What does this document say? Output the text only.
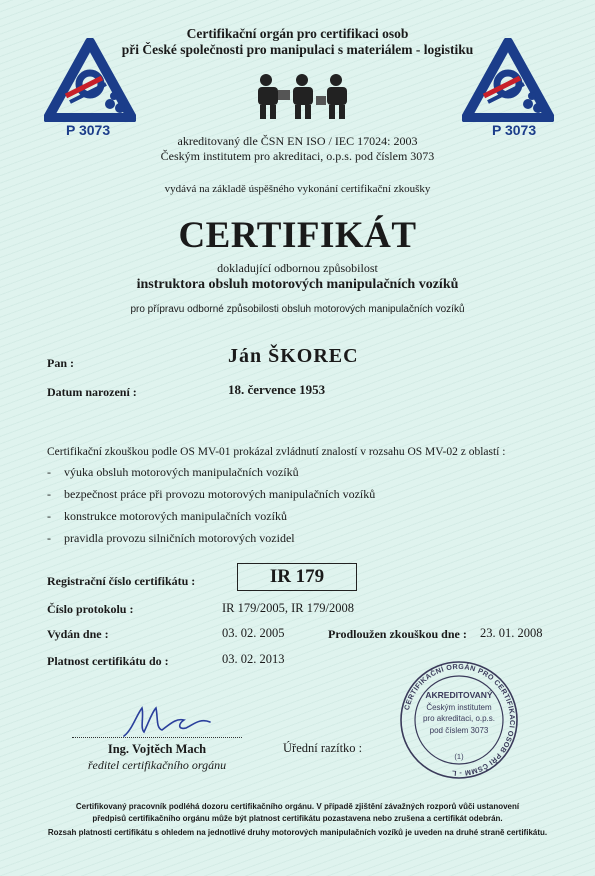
Certifikační orgán pro certifikaci osob
při České společnosti pro manipulaci s materiálem - logistiku
P 3073	P 3073
akreditovaný dle ČSN EN ISO / IEC 17024: 2003
Českým institutem pro akreditaci, o.p.s. pod číslem 3073
vydává na základě úspěšného vykonání certifikační zkoušky
CERTIFIKÁT
dokladující odbornou způsobilost
instruktora obsluh motorových manipulačních vozíků
pro přípravu odborné způsobilosti obsluh motorových manipulačních vozíků
Pan :	Ján ŠKOREC
Datum narození :	18. července 1953
Certifikační zkouškou podle OS MV-01 prokázal zvládnutí znalostí v rozsahu OS MV-02 z oblastí :
- výuka obsluh motorových manipulačních vozíků
- bezpečnost práce při provozu motorových manipulačních vozíků
- konstrukce motorových manipulačních vozíků
- pravidla provozu silničních motorových vozidel
Registrační číslo certifikátu :	IR 179
Číslo protokolu :	IR 179/2005, IR 179/2008
Vydán dne :	03. 02. 2005	Prodloužen zkouškou dne : 23. 01. 2008
Platnost certifikátu do :	03. 02. 2013
Ing. Vojtěch Mach
ředitel certifikačního orgánu
Úřední razítko :
CERTIFIKAČNÍ ORGÁN PRO CERTIFIKACI OSOB PŘI ČSMM - L
AKREDITOVANÝ
Českým institutem
pro akreditaci, o.p.s.
pod číslem 3073
(1)
Certifikovaný pracovník podléhá dozoru certifikačního orgánu. V případě zjištění závažných rozporů vůči ustanovení
předpisů certifikačního orgánu může být platnost certifikátu pozastavena nebo zrušena a certifikát odebrán.
Rozsah platnosti certifikátu s ohledem na jednotlivé druhy motorových manipulačních vozíků je uveden na druhé straně certifikátu.
